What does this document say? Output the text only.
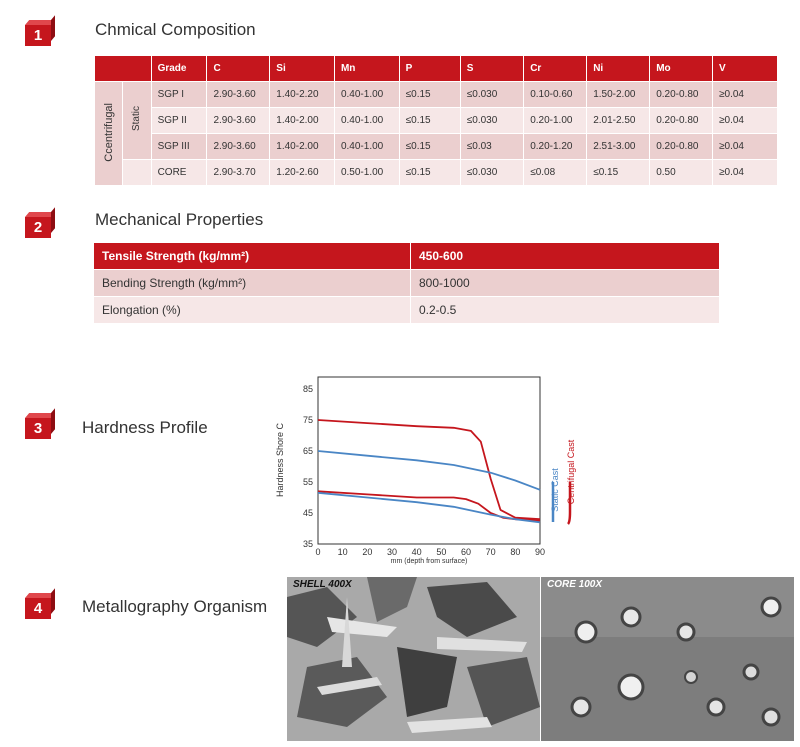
1	Chmical Composition
		Grade	C	Si	Mn	P	S	Cr	Ni	Mo	V
Ccentrifugal	Static	SGP I	2.90-3.60	1.40-2.20	0.40-1.00	≤0.15	≤0.030	0.10-0.60	1.50-2.00	0.20-0.80	≥0.04
		SGP II	2.90-3.60	1.40-2.00	0.40-1.00	≤0.15	≤0.030	0.20-1.00	2.01-2.50	0.20-0.80	≥0.04
		SGP III	2.90-3.60	1.40-2.00	0.40-1.00	≤0.15	≤0.03	0.20-1.20	2.51-3.00	0.20-0.80	≥0.04
		CORE	2.90-3.70	1.20-2.60	0.50-1.00	≤0.15	≤0.030	≤0.08	≤0.15	0.50	≥0.04
2	Mechanical Properties
Tensile Strength (kg/mm²)	450-600
Bending Strength (kg/mm²)	800-1000
Elongation (%)	0.2-0.5
3	Hardness Profile
35
45
55
65
75
85
0 10 20 30 40 50 60 70 80 90
Hardness Shore C
mm (depth from surface)
Static Cast Centrifugal Cast
4	Metallography Organism
SHELL 400X	CORE 100X
